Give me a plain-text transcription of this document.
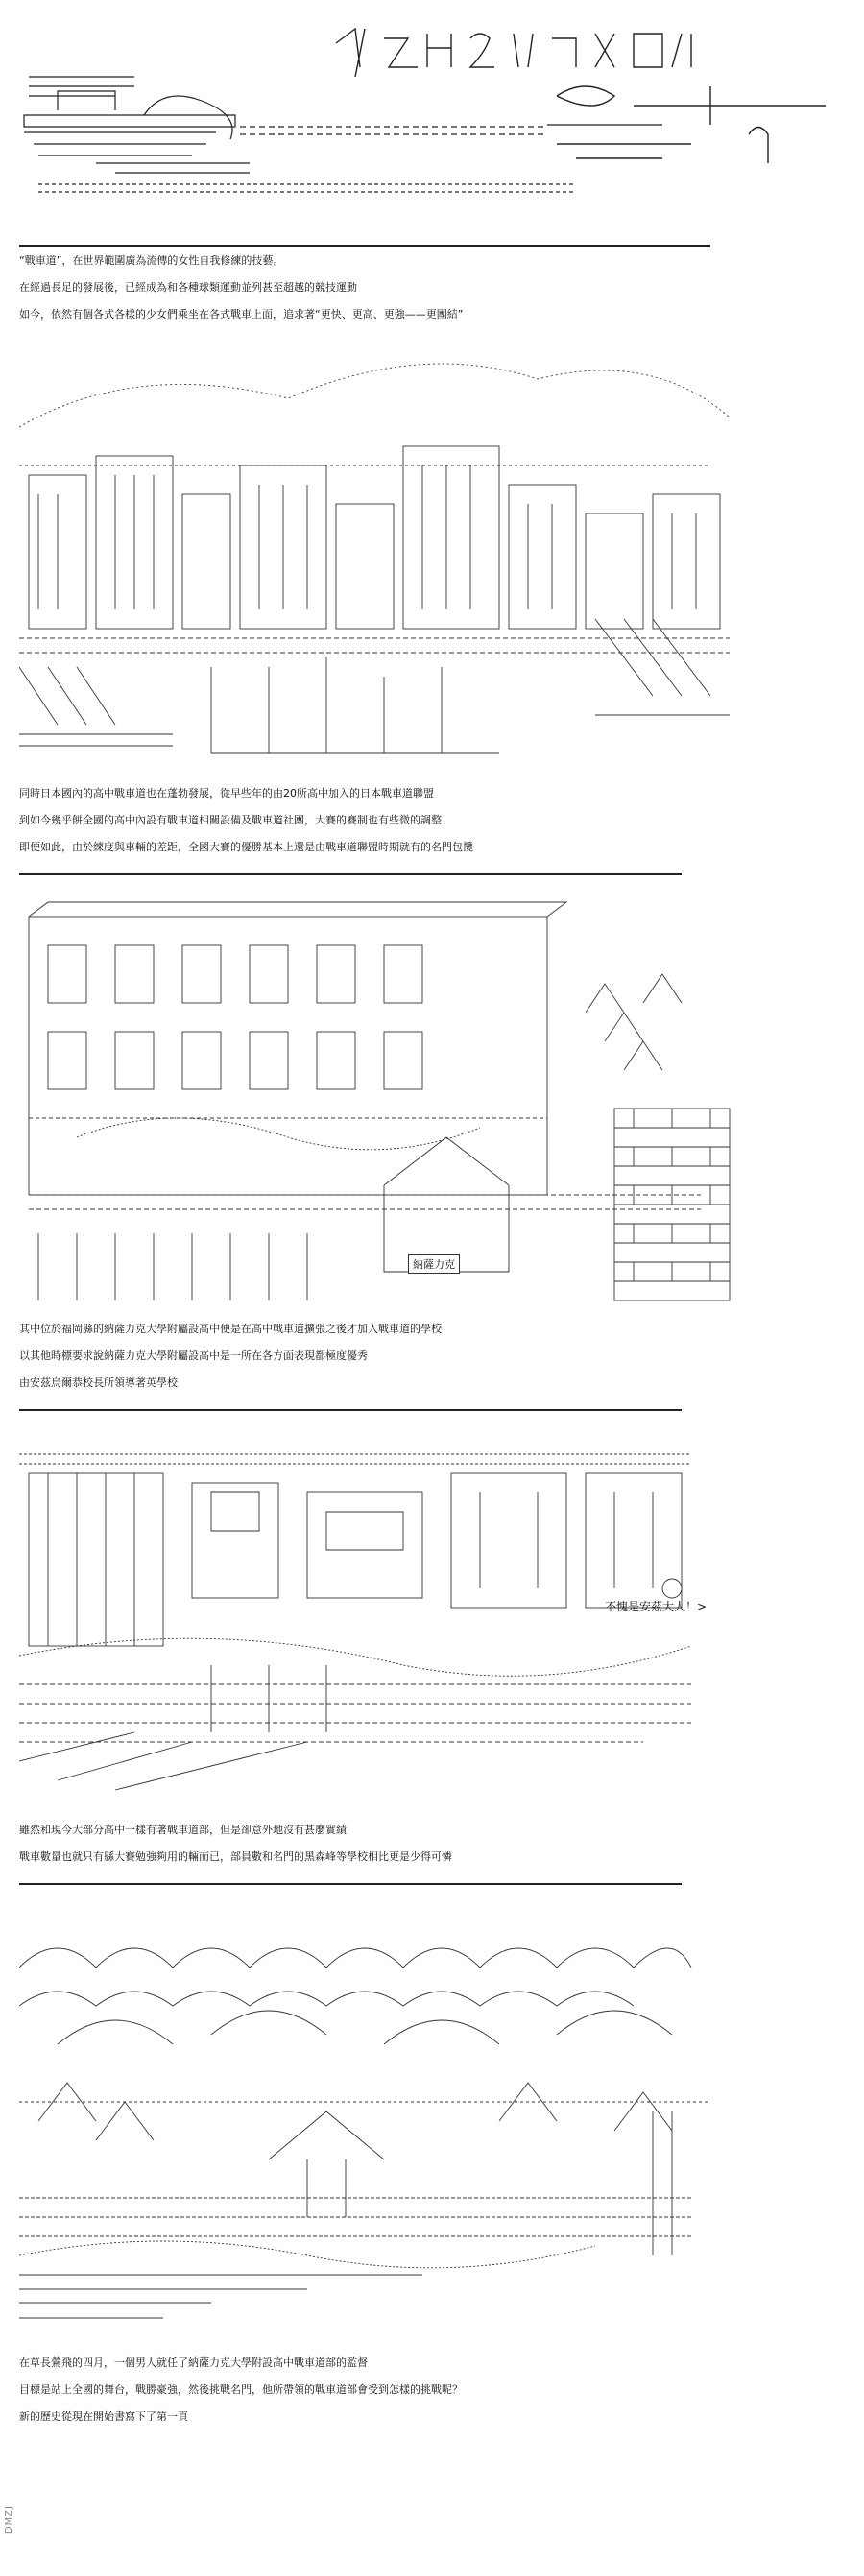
“戰車道”，在世界範圍廣為流傳的女性自我修練的技藝。
在經過長足的發展後，已經成為和各種球類運動並列甚至超越的競技運動
如今，依然有個各式各樣的少女們乘坐在各式戰車上面，追求著“更快、更高、更強——更團結”
同時日本國內的高中戰車道也在蓬勃發展，從早些年的由20所高中加入的日本戰車道聯盟
到如今幾乎餅全國的高中內設有戰車道相關設備及戰車道社團，大賽的賽制也有些微的調整
即便如此，由於練度與車輛的差距，全國大賽的優勝基本上還是由戰車道聯盟時期就有的名門包攬
納薩力克
其中位於福岡縣的納薩力克大學附屬設高中便是在高中戰車道擴張之後才加入戰車道的學校
以其他時標要求說納薩力克大學附屬設高中是一所在各方面表現都極度優秀
由安茲烏爾恭校長所領導著英學校
不愧是安茲大人！>
雖然和現今大部分高中一樣有著戰車道部，但是卻意外地沒有甚麼實績
戰車數量也就只有縣大賽勉強夠用的輛而已，部員數和名門的黑森峰等學校相比更是少得可憐
在草長鶯飛的四月，一個男人就任了納薩力克大學附設高中戰車道部的監督
目標是站上全國的舞台，戰勝豪強，然後挑戰名門，他所帶領的戰車道部會受到怎樣的挑戰呢？
新的歷史從現在開始書寫下了第一頁
DMZJ
